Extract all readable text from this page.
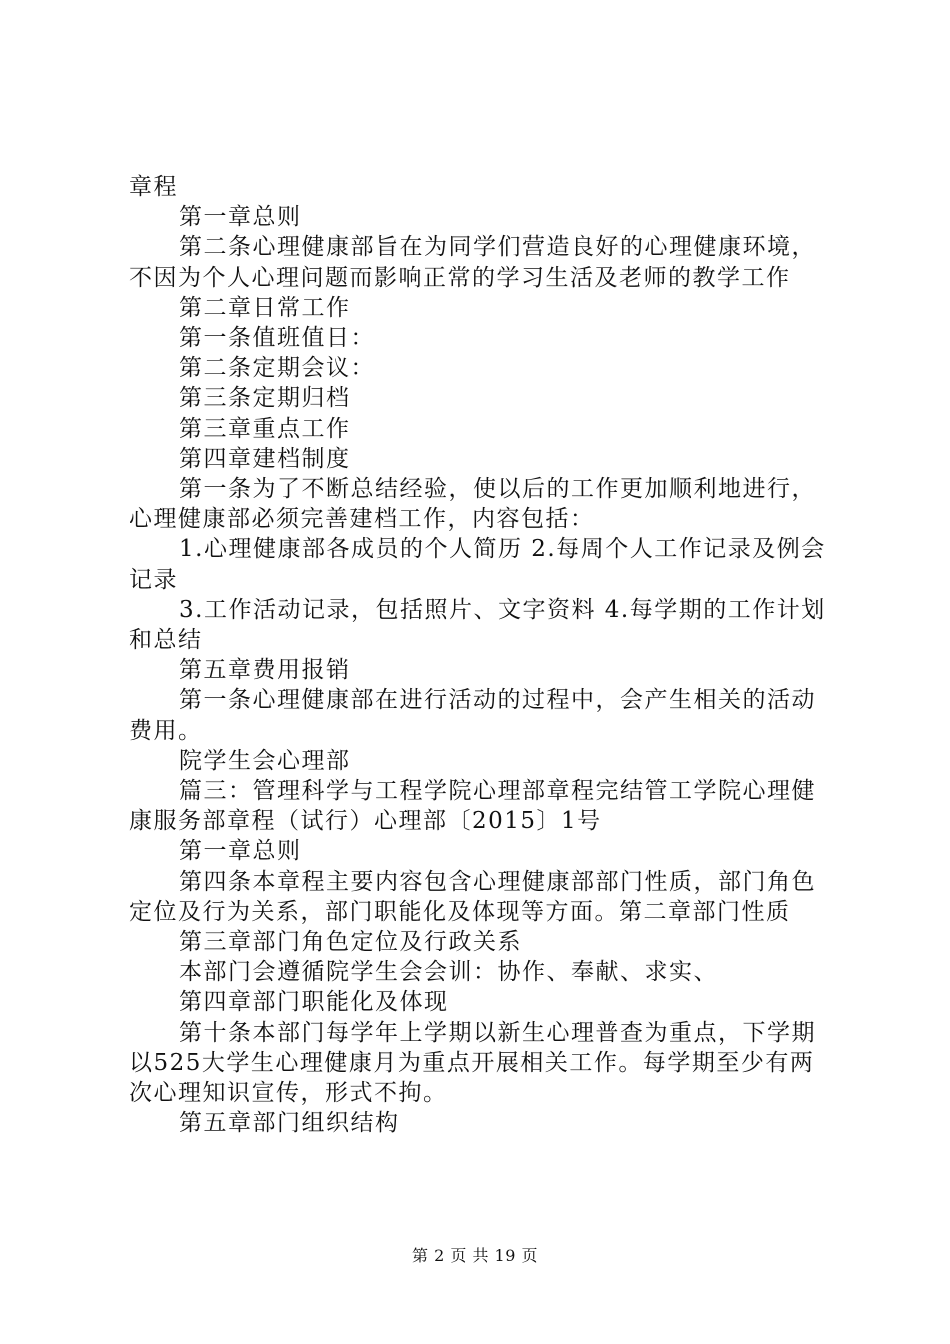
章程

第一章总则

第二条心理健康部旨在为同学们营造良好的心理健康环境，不因为个人心理问题而影响正常的学习生活及老师的教学工作

第二章日常工作

第一条值班值日：

第二条定期会议：

第三条定期归档

第三章重点工作

第四章建档制度

第一条为了不断总结经验，使以后的工作更加顺利地进行，心理健康部必须完善建档工作，内容包括：

1.心理健康部各成员的个人简历 2.每周个人工作记录及例会记录

3.工作活动记录，包括照片、文字资料 4.每学期的工作计划和总结

第五章费用报销

第一条心理健康部在进行活动的过程中，会产生相关的活动费用。

院学生会心理部

篇三：管理科学与工程学院心理部章程完结管工学院心理健康服务部章程（试行）心理部〔2015〕1号

第一章总则

第四条本章程主要内容包含心理健康部部门性质，部门角色定位及行为关系，部门职能化及体现等方面。第二章部门性质

第三章部门角色定位及行政关系

本部门会遵循院学生会会训：协作、奉献、求实、

第四章部门职能化及体现

第十条本部门每学年上学期以新生心理普查为重点，下学期以525大学生心理健康月为重点开展相关工作。每学期至少有两次心理知识宣传，形式不拘。

第五章部门组织结构

第 2 页 共 19 页
